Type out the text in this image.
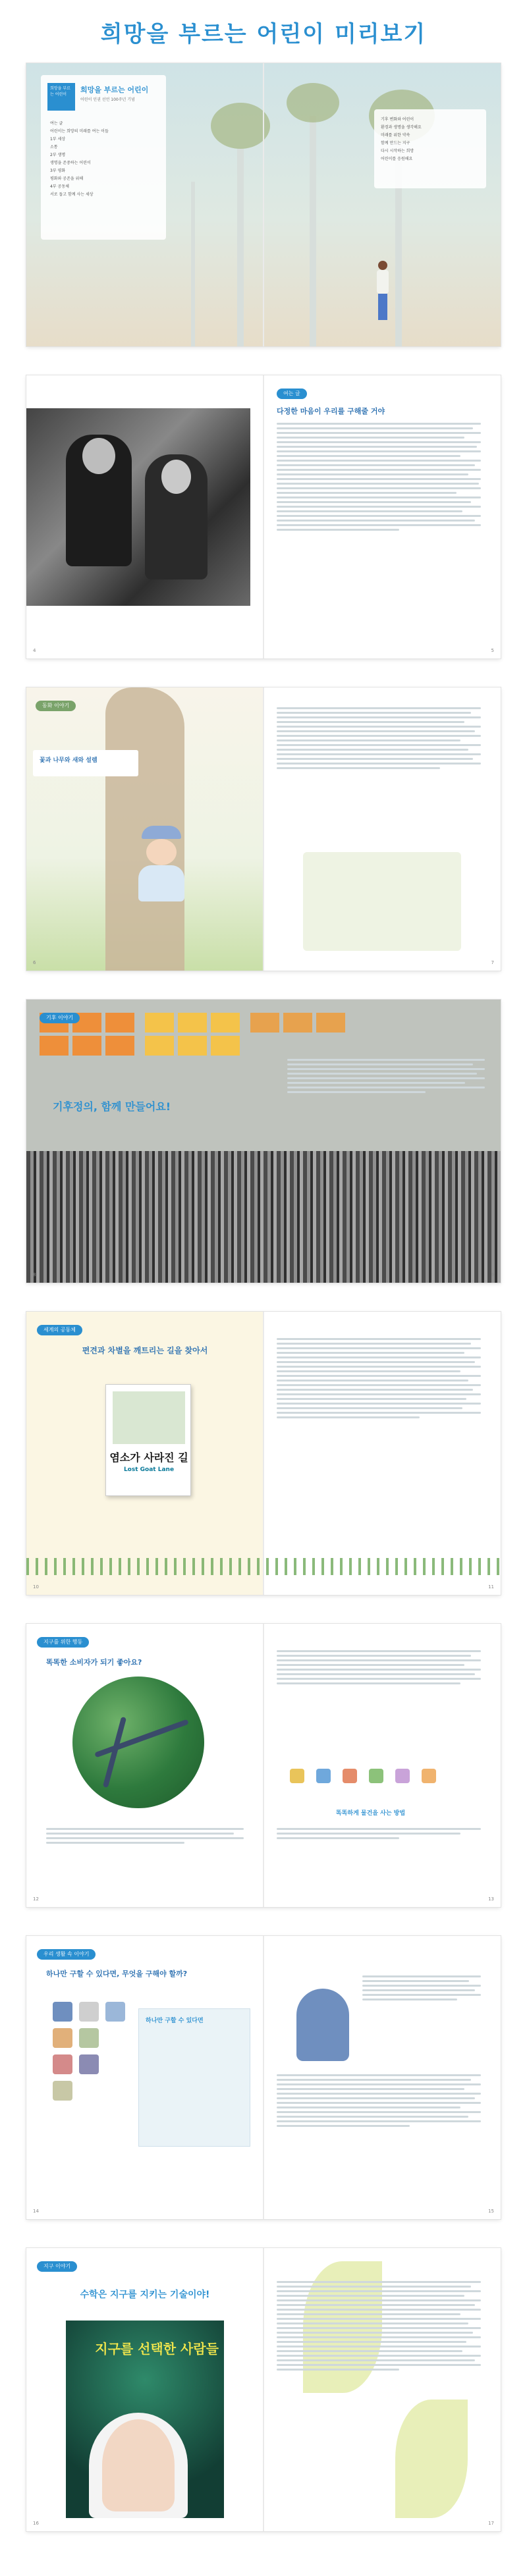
희망을 부르는 어린이 미리보기
희망을 부르는 어린이
희망을 부르는 어린이
어린이 인권 선언 100주년 기념
여는 글
어린이는 희망의 미래를 여는 이들
1부 세상
소통
2부 생명
생명을 존중하는 어린이
3부 평화
평화와 공존을 위해
4부 공동체
서로 돕고 함께 사는 세상
기후 변화와 어린이
환경과 생명을 생각해요
미래를 위한 약속
함께 만드는 지구
다시 시작하는 희망
어린이를 응원해요
여는 글
다정한 마음이 우리를 구해줄 거야
4	5
동화 이야기
꽃과 나무와 새와 설렘
6	7
기후 이야기
기후정의, 함께 만들어요!
8	9
세계의 공동체
편견과 차별을 깨트리는 길을 찾아서
염소가 사라진 길
Lost Goat Lane
10	11
지구를 위한 행동
똑똑한 소비자가 되기 좋아요?
똑똑하게 물건을 사는 방법
12	13
우리 생활 속 이야기
하나만 구할 수 있다면, 무엇을 구해야 할까?
하나만 구할 수 있다면
14	15
지구 이야기
수학은 지구를 지키는 기술이야!
지구를 선택한 사람들
16	17
